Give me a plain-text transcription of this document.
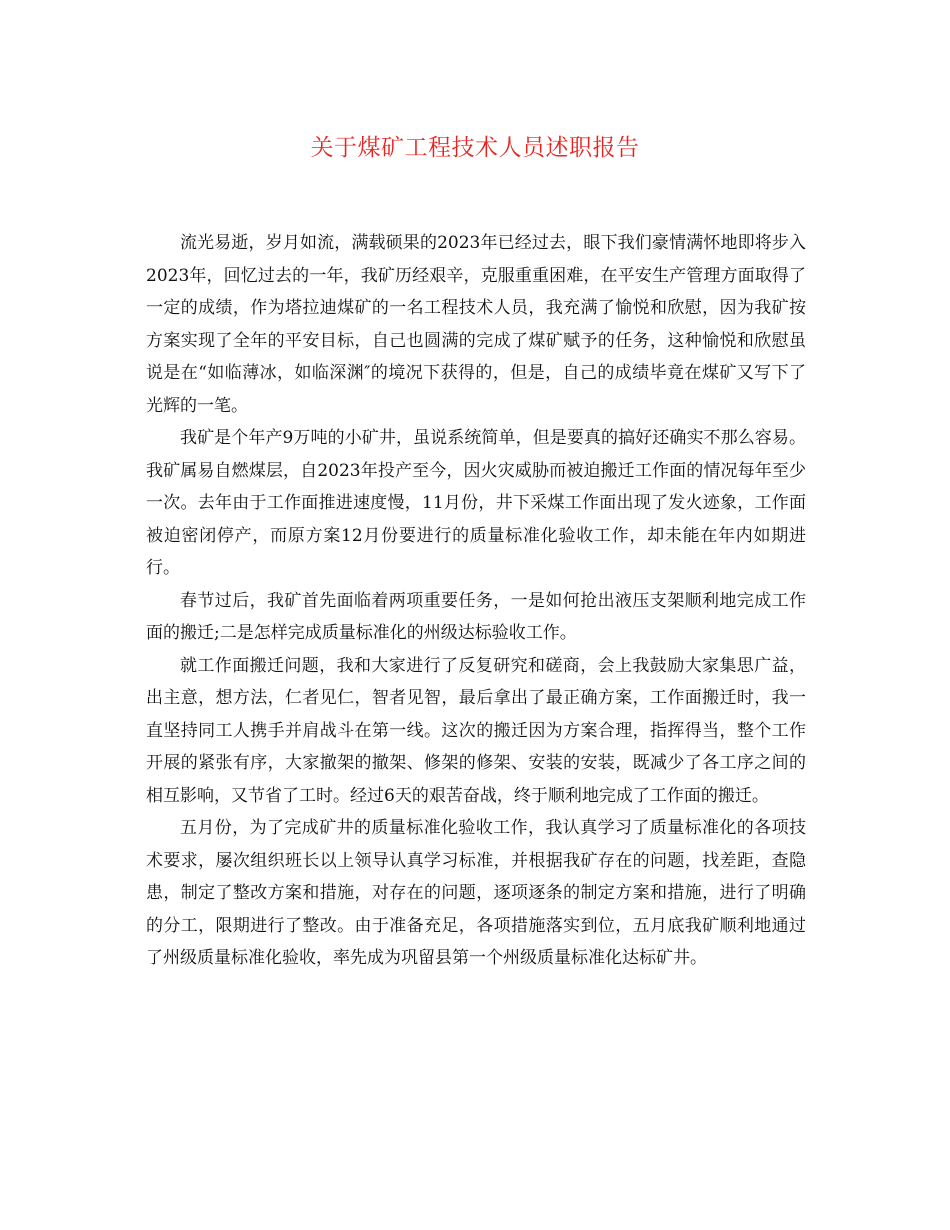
关于煤矿工程技术人员述职报告

流光易逝，岁月如流，满载硕果的2023年已经过去，眼下我们豪情满怀地即将步入2023年，回忆过去的一年，我矿历经艰辛，克服重重困难，在平安生产管理方面取得了一定的成绩，作为塔拉迪煤矿的一名工程技术人员，我充满了愉悦和欣慰，因为我矿按方案实现了全年的平安目标，自己也圆满的完成了煤矿赋予的任务，这种愉悦和欣慰虽说是在“如临薄冰，如临深渊″的境况下获得的，但是，自己的成绩毕竟在煤矿又写下了光辉的一笔。

我矿是个年产9万吨的小矿井，虽说系统简单，但是要真的搞好还确实不那么容易。我矿属易自燃煤层，自2023年投产至今，因火灾威胁而被迫搬迁工作面的情况每年至少一次。去年由于工作面推进速度慢，11月份，井下采煤工作面出现了发火迹象，工作面被迫密闭停产，而原方案12月份要进行的质量标准化验收工作，却未能在年内如期进行。

春节过后，我矿首先面临着两项重要任务，一是如何抢出液压支架顺利地完成工作面的搬迁;二是怎样完成质量标准化的州级达标验收工作。

就工作面搬迁问题，我和大家进行了反复研究和磋商，会上我鼓励大家集思广益，出主意，想方法，仁者见仁，智者见智，最后拿出了最正确方案，工作面搬迁时，我一直坚持同工人携手并肩战斗在第一线。这次的搬迁因为方案合理，指挥得当，整个工作开展的紧张有序，大家撤架的撤架、修架的修架、安装的安装，既减少了各工序之间的相互影响，又节省了工时。经过6天的艰苦奋战，终于顺利地完成了工作面的搬迁。

五月份，为了完成矿井的质量标准化验收工作，我认真学习了质量标准化的各项技术要求，屡次组织班长以上领导认真学习标准，并根据我矿存在的问题，找差距，查隐患，制定了整改方案和措施，对存在的问题，逐项逐条的制定方案和措施，进行了明确的分工，限期进行了整改。由于准备充足，各项措施落实到位，五月底我矿顺利地通过了州级质量标准化验收，率先成为巩留县第一个州级质量标准化达标矿井。
